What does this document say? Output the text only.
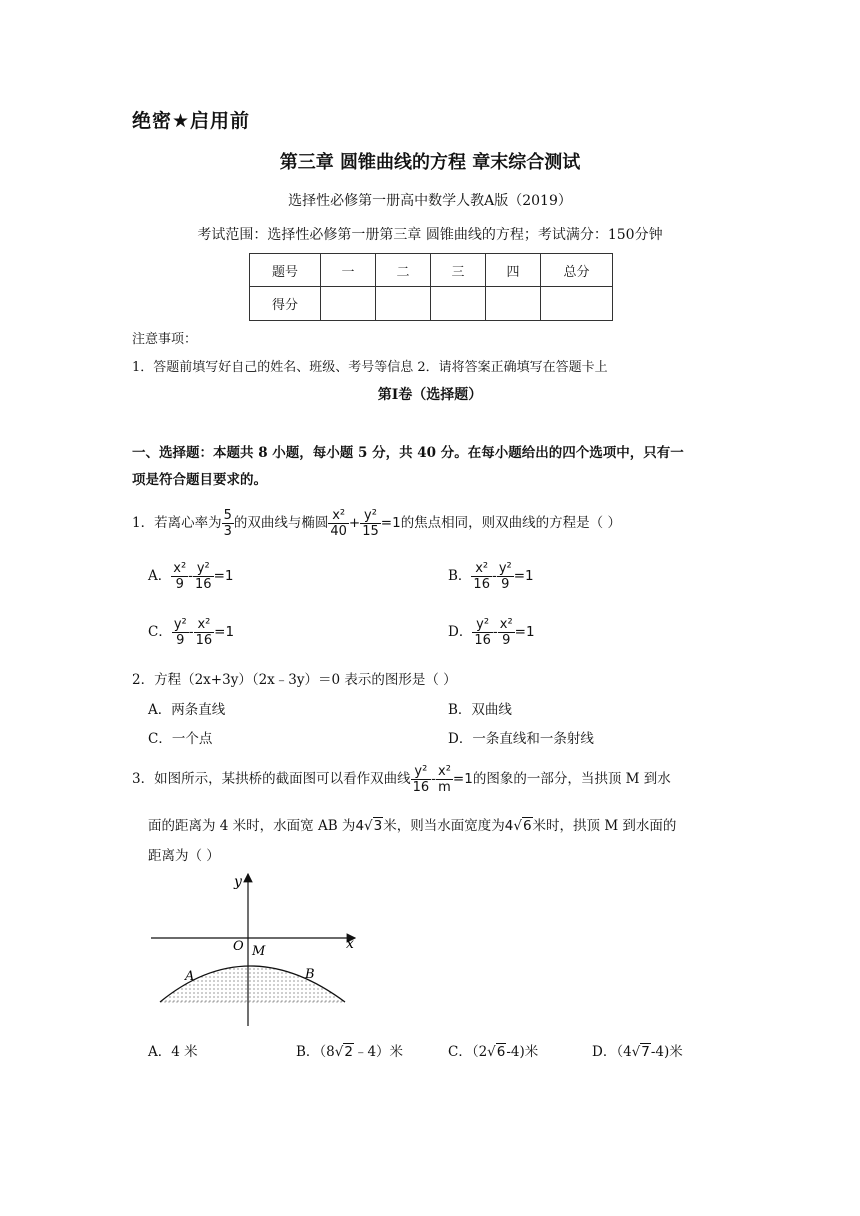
绝密★启用前
第三章 圆锥曲线的方程 章末综合测试
选择性必修第一册高中数学人教A版（2019）
考试范围：选择性必修第一册第三章 圆锥曲线的方程；考试满分：150分钟
题号	一	二	三	四	总分
得分					
注意事项：
1．答题前填写好自己的姓名、班级、考号等信息 2．请将答案正确填写在答题卡上
第Ⅰ卷（选择题）
一、选择题：本题共 8 小题，每小题 5 分，共 40 分。在每小题给出的四个选项中，只有一
项是符合题目要求的。
1．若离心率为 $\frac{5}{3}$ 的双曲线与椭圆 $\frac{\text{x²}}{40} + \frac{\text{y²}}{15} =1$的焦点相同，则双曲线的方程是（ ）
A． $\frac{\text{x²}}{9} - \frac{\text{y²}}{16} =1$	B． $\frac{\text{x²}}{16} - \frac{\text{y²}}{9} =1$
C． $\frac{\text{y²}}{9} - \frac{\text{x²}}{16} =1$	D． $\frac{\text{y²}}{16} - \frac{\text{x²}}{9} =1$
2．方程（2x+3y）（2x﹣3y）＝0 表示的图形是（ ）
A．两条直线	B．双曲线
C．一个点	D．一条直线和一条射线
3．如图所示，某拱桥的截面图可以看作双曲线 $\frac{\text{y²}}{16} - \frac{\text{x²}}{m} =1$的图象的一部分，当拱顶 M 到水
面的距离为 4 米时，水面宽 AB 为4√3米，则当水面宽度为4√6米时，拱顶 M 到水面的
距离为（ ）
y
x
O M
A	B
A．4 米	B．（8√2﹣4）米	C．（2√6-4)米	D．（4√7-4)米
